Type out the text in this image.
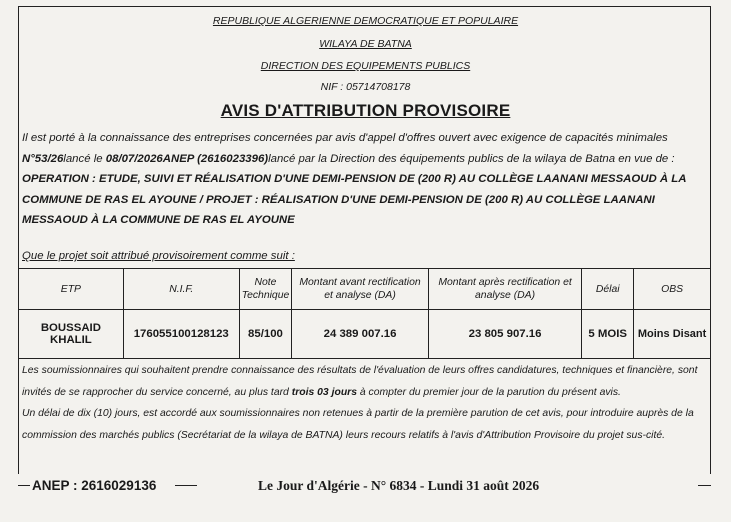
REPUBLIQUE ALGERIENNE DEMOCRATIQUE ET POPULAIRE
WILAYA DE BATNA
DIRECTION DES EQUIPEMENTS PUBLICS
NIF : 05714708178
AVIS D'ATTRIBUTION PROVISOIRE
Il est porté à la connaissance des entreprises concernées par avis d'appel d'offres ouvert avec exigence de capacités minimales N°53/26lancé le 08/07/2026ANEP (2616023396)lancé par la Direction des équipements publics de la wilaya de Batna en vue de : OPERATION : ETUDE, SUIVI ET RÉALISATION D'UNE DEMI-PENSION DE (200 R) AU COLLÈGE LAANANI MESSAOUD À LA COMMUNE DE RAS EL AYOUNE / PROJET : RÉALISATION D'UNE DEMI-PENSION DE (200 R) AU COLLÈGE LAANANI MESSAOUD À LA COMMUNE DE RAS EL AYOUNE
Que le projet soit attribué provisoirement comme suit :
ETP	N.I.F.	Note Technique	Montant avant rectification et analyse (DA)	Montant après rectification et analyse (DA)	Délai	OBS
BOUSSAID KHALIL	176055100128123	85/100	24 389 007.16	23 805 907.16	5 MOIS	Moins Disant
Les soumissionnaires qui souhaitent prendre connaissance des résultats de l'évaluation de leurs offres candidatures, techniques et financière, sont invités de se rapprocher du service concerné, au plus tard trois 03 jours à compter du premier jour de la parution du présent avis.
Un délai de dix (10) jours, est accordé aux soumissionnaires non retenues à partir de la première parution de cet avis, pour introduire auprès de la commission des marchés publics (Secrétariat de la wilaya de BATNA) leurs recours relatifs à l'avis d'Attribution Provisoire du projet sus-cité.
ANEP : 2616029136	Le Jour d'Algérie - N° 6834 - Lundi 31 août 2026
